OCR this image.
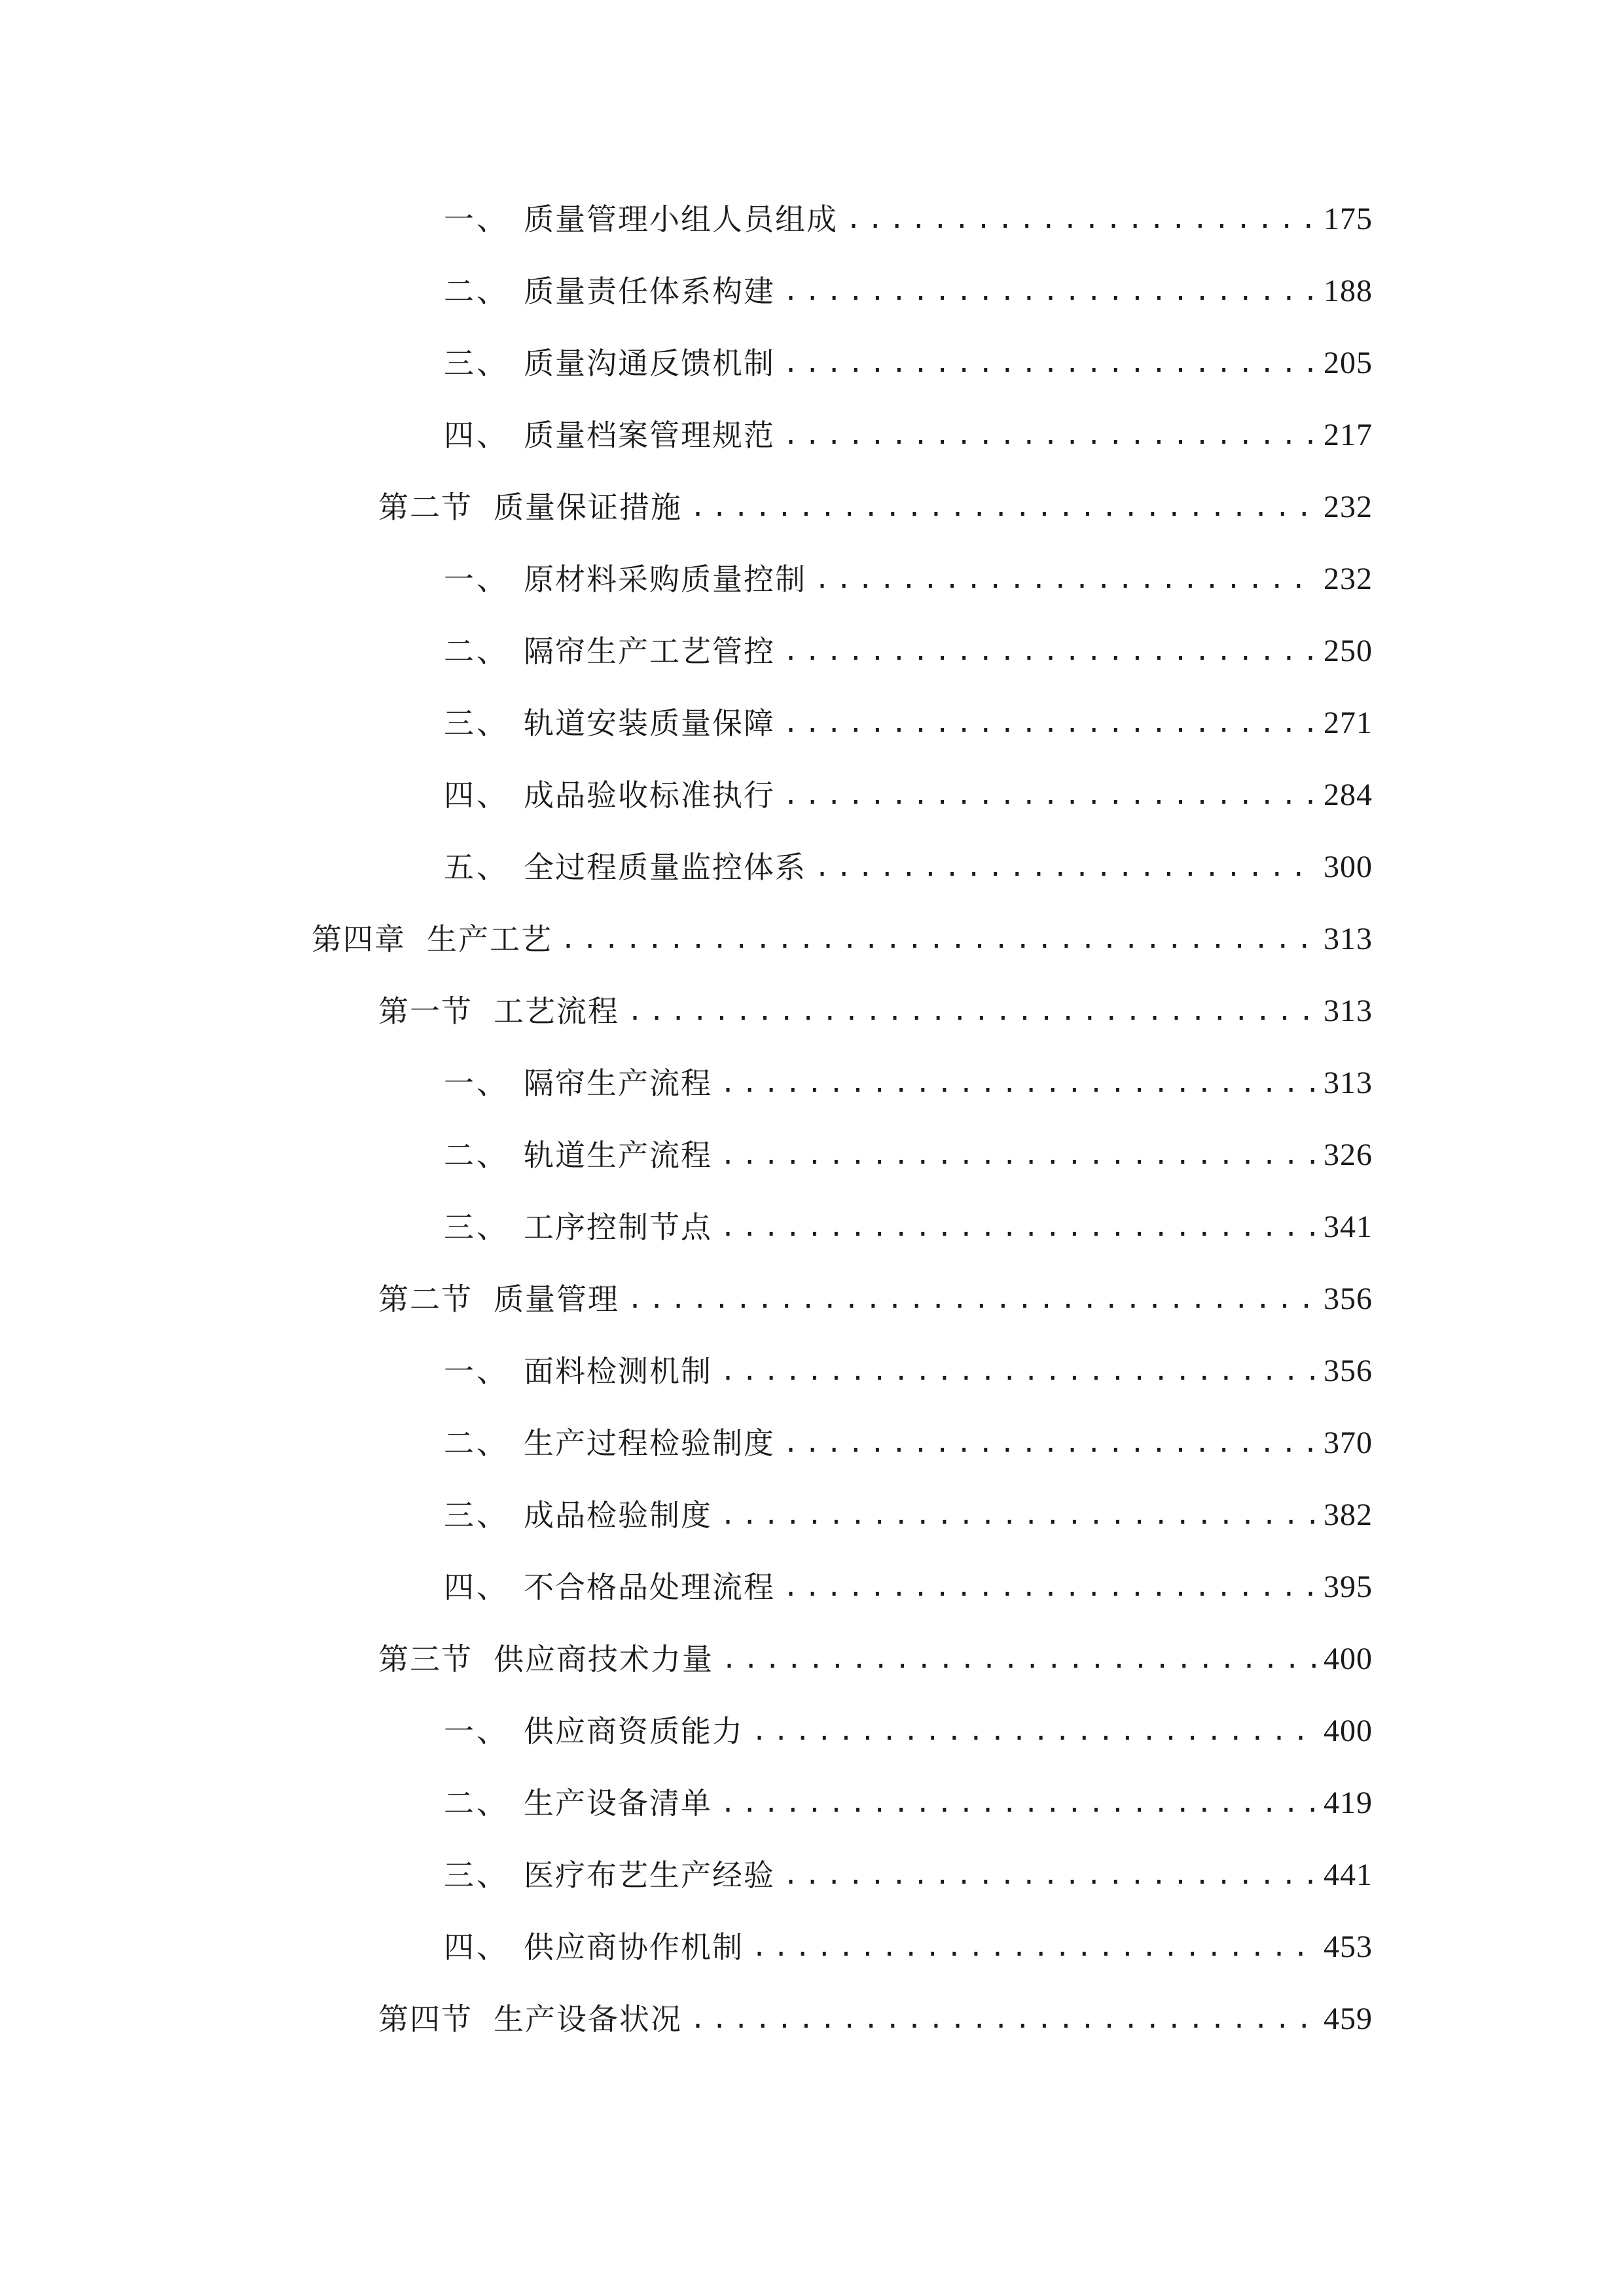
一、 质量管理小组人员组成 .....	175
二、 质量责任体系构建 .....	188
三、 质量沟通反馈机制 .....	205
四、 质量档案管理规范 .....	217
第二节 质量保证措施 .....	232
一、 原材料采购质量控制 .....	232
二、 隔帘生产工艺管控 .....	250
三、 轨道安装质量保障 .....	271
四、 成品验收标准执行 .....	284
五、 全过程质量监控体系 .....	300
第四章 生产工艺 .....	313
第一节 工艺流程 .....	313
一、 隔帘生产流程 .....	313
二、 轨道生产流程 .....	326
三、 工序控制节点 .....	341
第二节 质量管理 .....	356
一、 面料检测机制 .....	356
二、 生产过程检验制度 .....	370
三、 成品检验制度 .....	382
四、 不合格品处理流程 .....	395
第三节 供应商技术力量 .....	400
一、 供应商资质能力 .....	400
二、 生产设备清单 .....	419
三、 医疗布艺生产经验 .....	441
四、 供应商协作机制 .....	453
第四节 生产设备状况 .....	459
